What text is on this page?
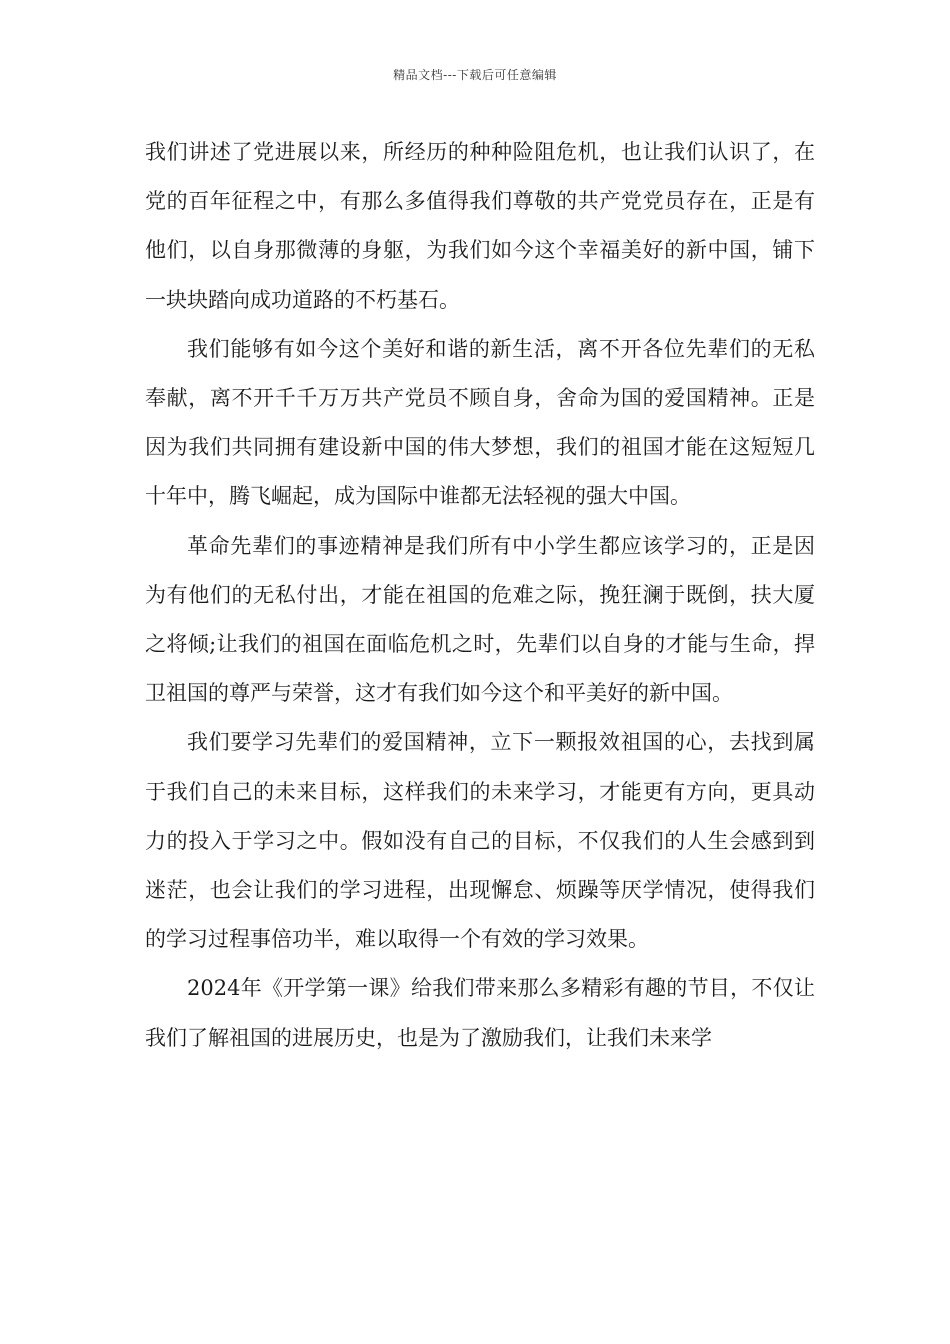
精品文档---下载后可任意编辑

我们讲述了党进展以来，所经历的种种险阻危机，也让我们认识了，在党的百年征程之中，有那么多值得我们尊敬的共产党党员存在，正是有他们，以自身那微薄的身躯，为我们如今这个幸福美好的新中国，铺下一块块踏向成功道路的不朽基石。

我们能够有如今这个美好和谐的新生活，离不开各位先辈们的无私奉献，离不开千千万万共产党员不顾自身，舍命为国的爱国精神。正是因为我们共同拥有建设新中国的伟大梦想，我们的祖国才能在这短短几十年中，腾飞崛起，成为国际中谁都无法轻视的强大中国。

革命先辈们的事迹精神是我们所有中小学生都应该学习的，正是因为有他们的无私付出，才能在祖国的危难之际，挽狂澜于既倒，扶大厦之将倾;让我们的祖国在面临危机之时，先辈们以自身的才能与生命，捍卫祖国的尊严与荣誉，这才有我们如今这个和平美好的新中国。

我们要学习先辈们的爱国精神，立下一颗报效祖国的心，去找到属于我们自己的未来目标，这样我们的未来学习，才能更有方向，更具动力的投入于学习之中。假如没有自己的目标，不仅我们的人生会感到到迷茫，也会让我们的学习进程，出现懈怠、烦躁等厌学情况，使得我们的学习过程事倍功半，难以取得一个有效的学习效果。

2024年《开学第一课》给我们带来那么多精彩有趣的节目，不仅让我们了解祖国的进展历史，也是为了激励我们，让我们未来学
